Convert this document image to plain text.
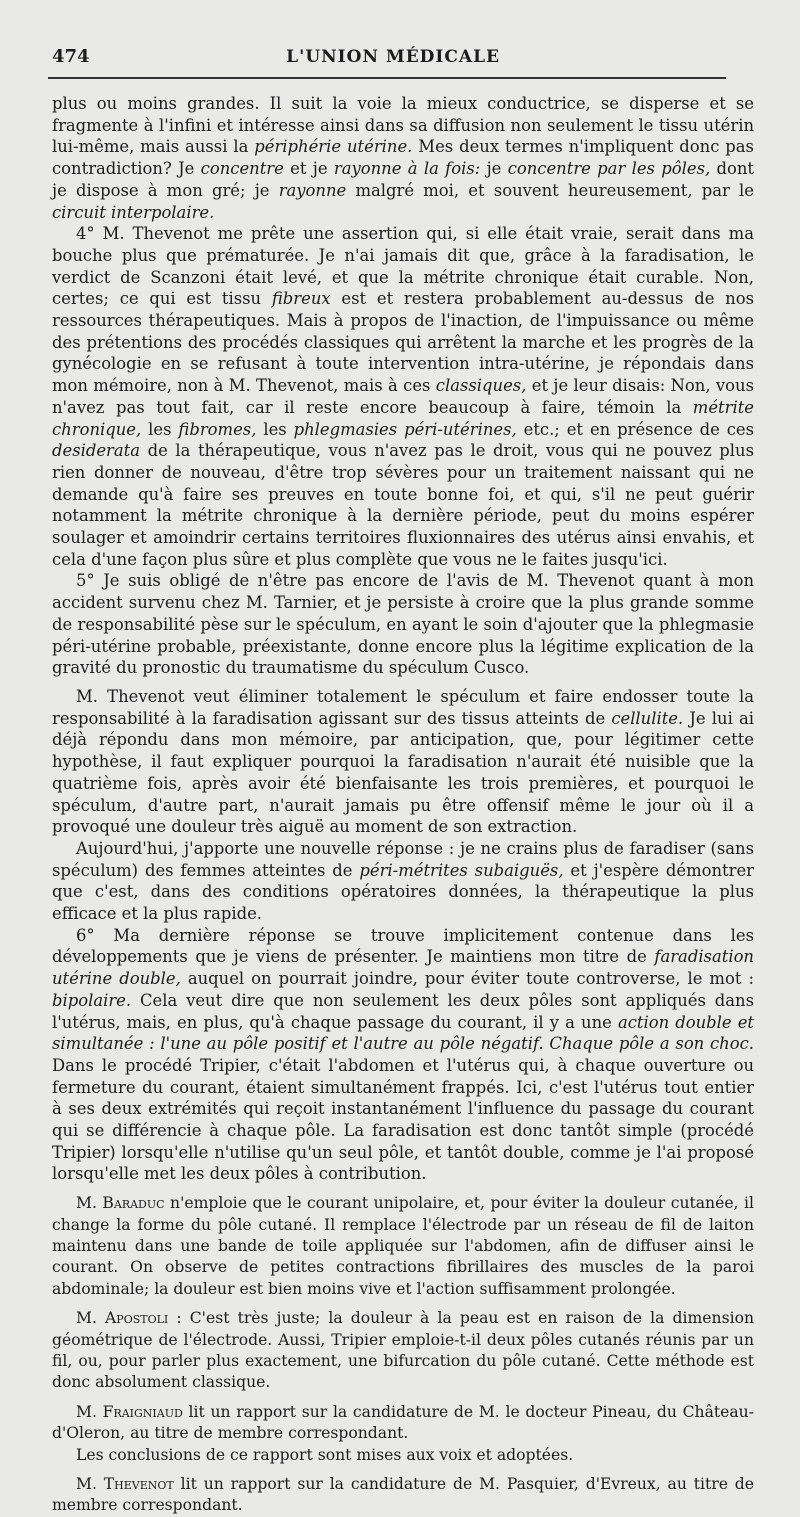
474	L'UNION MÉDICALE

plus ou moins grandes. Il suit la voie la mieux conductrice, se disperse et se fragmente à l'infini et intéresse ainsi dans sa diffusion non seulement le tissu utérin lui-même, mais aussi la périphérie utérine. Mes deux termes n'impliquent donc pas contradiction? Je concentre et je rayonne à la fois: je concentre par les pôles, dont je dispose à mon gré; je rayonne malgré moi, et souvent heureusement, par le circuit interpolaire.

4° M. Thevenot me prête une assertion qui, si elle était vraie, serait dans ma bouche plus que prématurée. Je n'ai jamais dit que, grâce à la faradisation, le verdict de Scanzoni était levé, et que la métrite chronique était curable. Non, certes; ce qui est tissu fibreux est et restera probablement au-dessus de nos ressources thérapeutiques. Mais à propos de l'inaction, de l'impuissance ou même des prétentions des procédés classiques qui arrêtent la marche et les progrès de la gynécologie en se refusant à toute intervention intra-utérine, je répondais dans mon mémoire, non à M. Thevenot, mais à ces classiques, et je leur disais: Non, vous n'avez pas tout fait, car il reste encore beaucoup à faire, témoin la métrite chronique, les fibromes, les phlegmasies péri-utérines, etc.; et en présence de ces desiderata de la thérapeutique, vous n'avez pas le droit, vous qui ne pouvez plus rien donner de nouveau, d'être trop sévères pour un traitement naissant qui ne demande qu'à faire ses preuves en toute bonne foi, et qui, s'il ne peut guérir notamment la métrite chronique à la dernière période, peut du moins espérer soulager et amoindrir certains territoires fluxionnaires des utérus ainsi envahis, et cela d'une façon plus sûre et plus complète que vous ne le faites jusqu'ici.

5° Je suis obligé de n'être pas encore de l'avis de M. Thevenot quant à mon accident survenu chez M. Tarnier, et je persiste à croire que la plus grande somme de responsabilité pèse sur le spéculum, en ayant le soin d'ajouter que la phlegmasie péri-utérine probable, préexistante, donne encore plus la légitime explication de la gravité du pronostic du traumatisme du spéculum Cusco.

M. Thevenot veut éliminer totalement le spéculum et faire endosser toute la responsabilité à la faradisation agissant sur des tissus atteints de cellulite. Je lui ai déjà répondu dans mon mémoire, par anticipation, que, pour légitimer cette hypothèse, il faut expliquer pourquoi la faradisation n'aurait été nuisible que la quatrième fois, après avoir été bienfaisante les trois premières, et pourquoi le spéculum, d'autre part, n'aurait jamais pu être offensif même le jour où il a provoqué une douleur très aiguë au moment de son extraction.

Aujourd'hui, j'apporte une nouvelle réponse : je ne crains plus de faradiser (sans spéculum) des femmes atteintes de péri-métrites subaiguës, et j'espère démontrer que c'est, dans des conditions opératoires données, la thérapeutique la plus efficace et la plus rapide.

6° Ma dernière réponse se trouve implicitement contenue dans les développements que je viens de présenter. Je maintiens mon titre de faradisation utérine double, auquel on pourrait joindre, pour éviter toute controverse, le mot : bipolaire. Cela veut dire que non seulement les deux pôles sont appliqués dans l'utérus, mais, en plus, qu'à chaque passage du courant, il y a une action double et simultanée : l'une au pôle positif et l'autre au pôle négatif. Chaque pôle a son choc. Dans le procédé Tripier, c'était l'abdomen et l'utérus qui, à chaque ouverture ou fermeture du courant, étaient simultanément frappés. Ici, c'est l'utérus tout entier à ses deux extrémités qui reçoit instantanément l'influence du passage du courant qui se différencie à chaque pôle. La faradisation est donc tantôt simple (procédé Tripier) lorsqu'elle n'utilise qu'un seul pôle, et tantôt double, comme je l'ai proposé lorsqu'elle met les deux pôles à contribution.

M. Baraduc n'emploie que le courant unipolaire, et, pour éviter la douleur cutanée, il change la forme du pôle cutané. Il remplace l'électrode par un réseau de fil de laiton maintenu dans une bande de toile appliquée sur l'abdomen, afin de diffuser ainsi le courant. On observe de petites contractions fibrillaires des muscles de la paroi abdominale; la douleur est bien moins vive et l'action suffisamment prolongée.

M. Apostoli : C'est très juste; la douleur à la peau est en raison de la dimension géométrique de l'électrode. Aussi, Tripier emploie-t-il deux pôles cutanés réunis par un fil, ou, pour parler plus exactement, une bifurcation du pôle cutané. Cette méthode est donc absolument classique.

M. Fraigniaud lit un rapport sur la candidature de M. le docteur Pineau, du Château-d'Oleron, au titre de membre correspondant.

Les conclusions de ce rapport sont mises aux voix et adoptées.

M. Thevenot lit un rapport sur la candidature de M. Pasquier, d'Evreux, au titre de membre correspondant.
